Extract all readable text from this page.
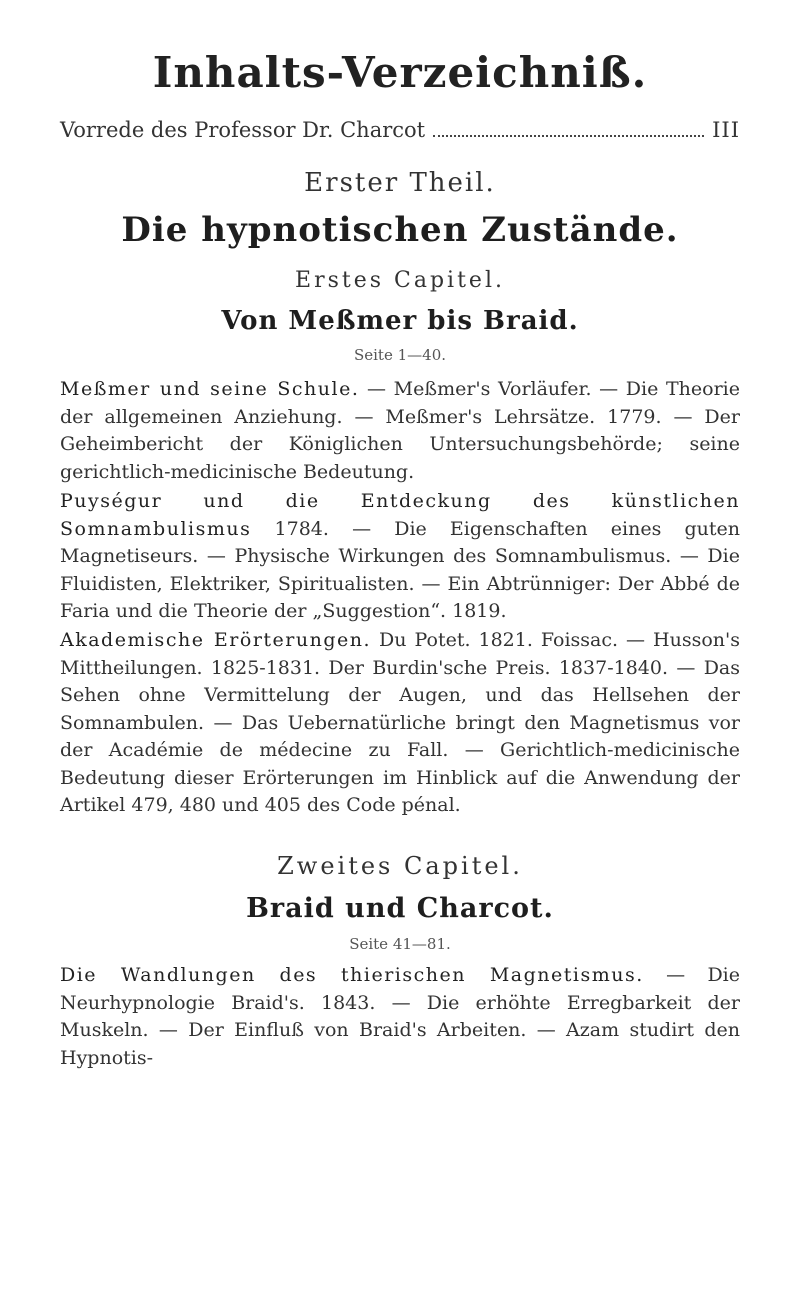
Inhalts-Verzeichniß.
Vorrede des Professor Dr. Charcot	III
Erster Theil.
Die hypnotischen Zustände.
Erstes Capitel.
Von Meßmer bis Braid.
Seite 1—40.
Meßmer und seine Schule. — Meßmer's Vorläufer. — Die Theorie der allgemeinen Anziehung. — Meßmer's Lehrsätze. 1779. — Der Geheimbericht der Königlichen Untersuchungsbehörde; seine gerichtlich-medicinische Bedeutung.
Puységur und die Entdeckung des künstlichen Somnambulismus 1784. — Die Eigenschaften eines guten Magnetiseurs. — Physische Wirkungen des Somnambulismus. — Die Fluidisten, Elektriker, Spiritualisten. — Ein Abtrünniger: Der Abbé de Faria und die Theorie der „Suggestion“. 1819.
Akademische Erörterungen. Du Potet. 1821. Foissac. — Husson's Mittheilungen. 1825-1831. Der Burdin'sche Preis. 1837-1840. — Das Sehen ohne Vermittelung der Augen, und das Hellsehen der Somnambulen. — Das Uebernatürliche bringt den Magnetismus vor der Académie de médecine zu Fall. — Gerichtlich-medicinische Bedeutung dieser Erörterungen im Hinblick auf die Anwendung der Artikel 479, 480 und 405 des Code pénal.
Zweites Capitel.
Braid und Charcot.
Seite 41—81.
Die Wandlungen des thierischen Magnetismus. — Die Neurhypnologie Braid's. 1843. — Die erhöhte Erregbarkeit der Muskeln. — Der Einfluß von Braid's Arbeiten. — Azam studirt den Hypnotis-
